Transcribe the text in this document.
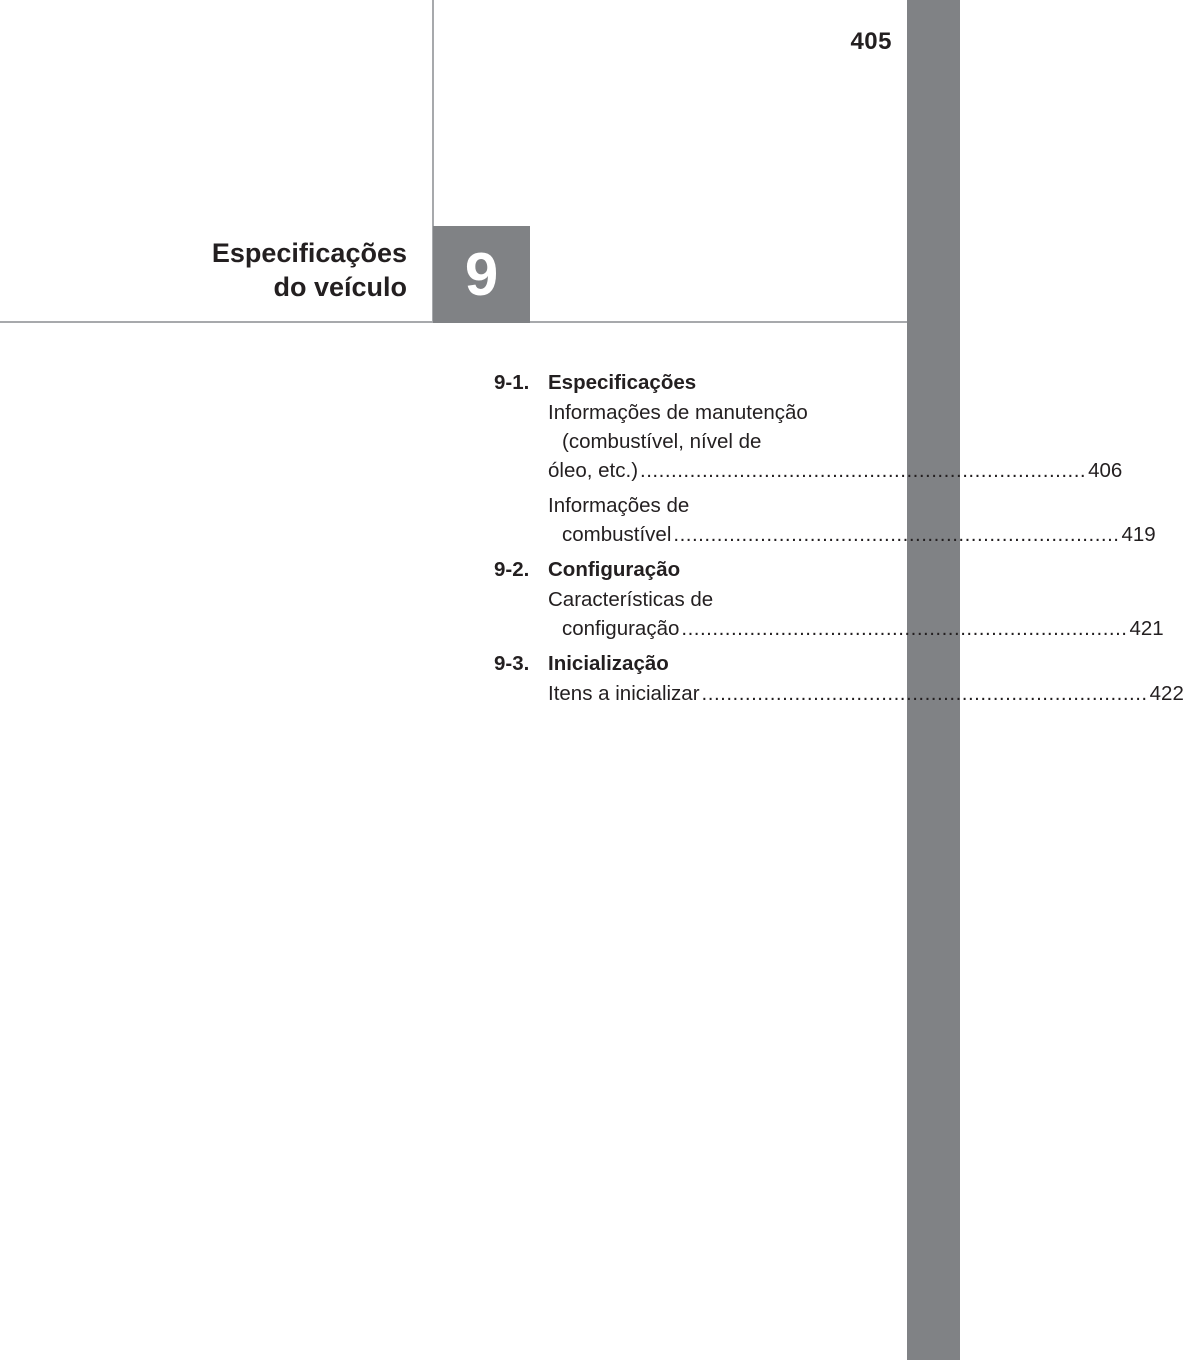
405
Especificações
do veículo 9
9-1. Especificações
Informações de manutenção
(combustível, nível de
óleo, etc.) ........................................................................ 406
Informações de
combustível ........................................................................ 419
9-2. Configuração
Características de
configuração ........................................................................ 421
9-3. Inicialização
Itens a inicializar ........................................................................ 422
